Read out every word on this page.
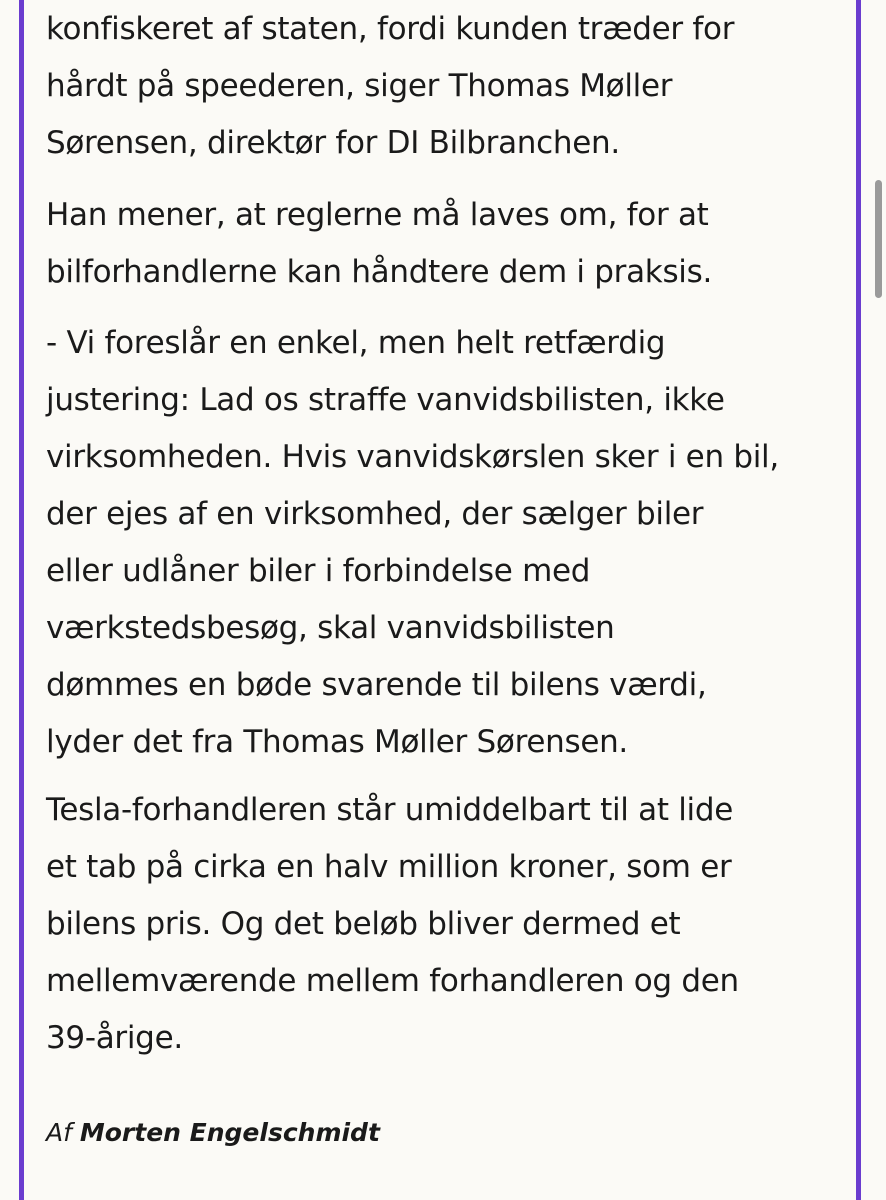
konfiskeret af staten, fordi kunden træder for
hårdt på speederen, siger Thomas Møller
Sørensen, direktør for DI Bilbranchen.

Han mener, at reglerne må laves om, for at
bilforhandlerne kan håndtere dem i praksis.

- Vi foreslår en enkel, men helt retfærdig
justering: Lad os straffe vanvidsbilisten, ikke
virksomheden. Hvis vanvidskørslen sker i en bil,
der ejes af en virksomhed, der sælger biler
eller udlåner biler i forbindelse med
værkstedsbesøg, skal vanvidsbilisten
dømmes en bøde svarende til bilens værdi,
lyder det fra Thomas Møller Sørensen.

Tesla-forhandleren står umiddelbart til at lide
et tab på cirka en halv million kroner, som er
bilens pris. Og det beløb bliver dermed et
mellemværende mellem forhandleren og den
39-årige.

Af Morten Engelschmidt
